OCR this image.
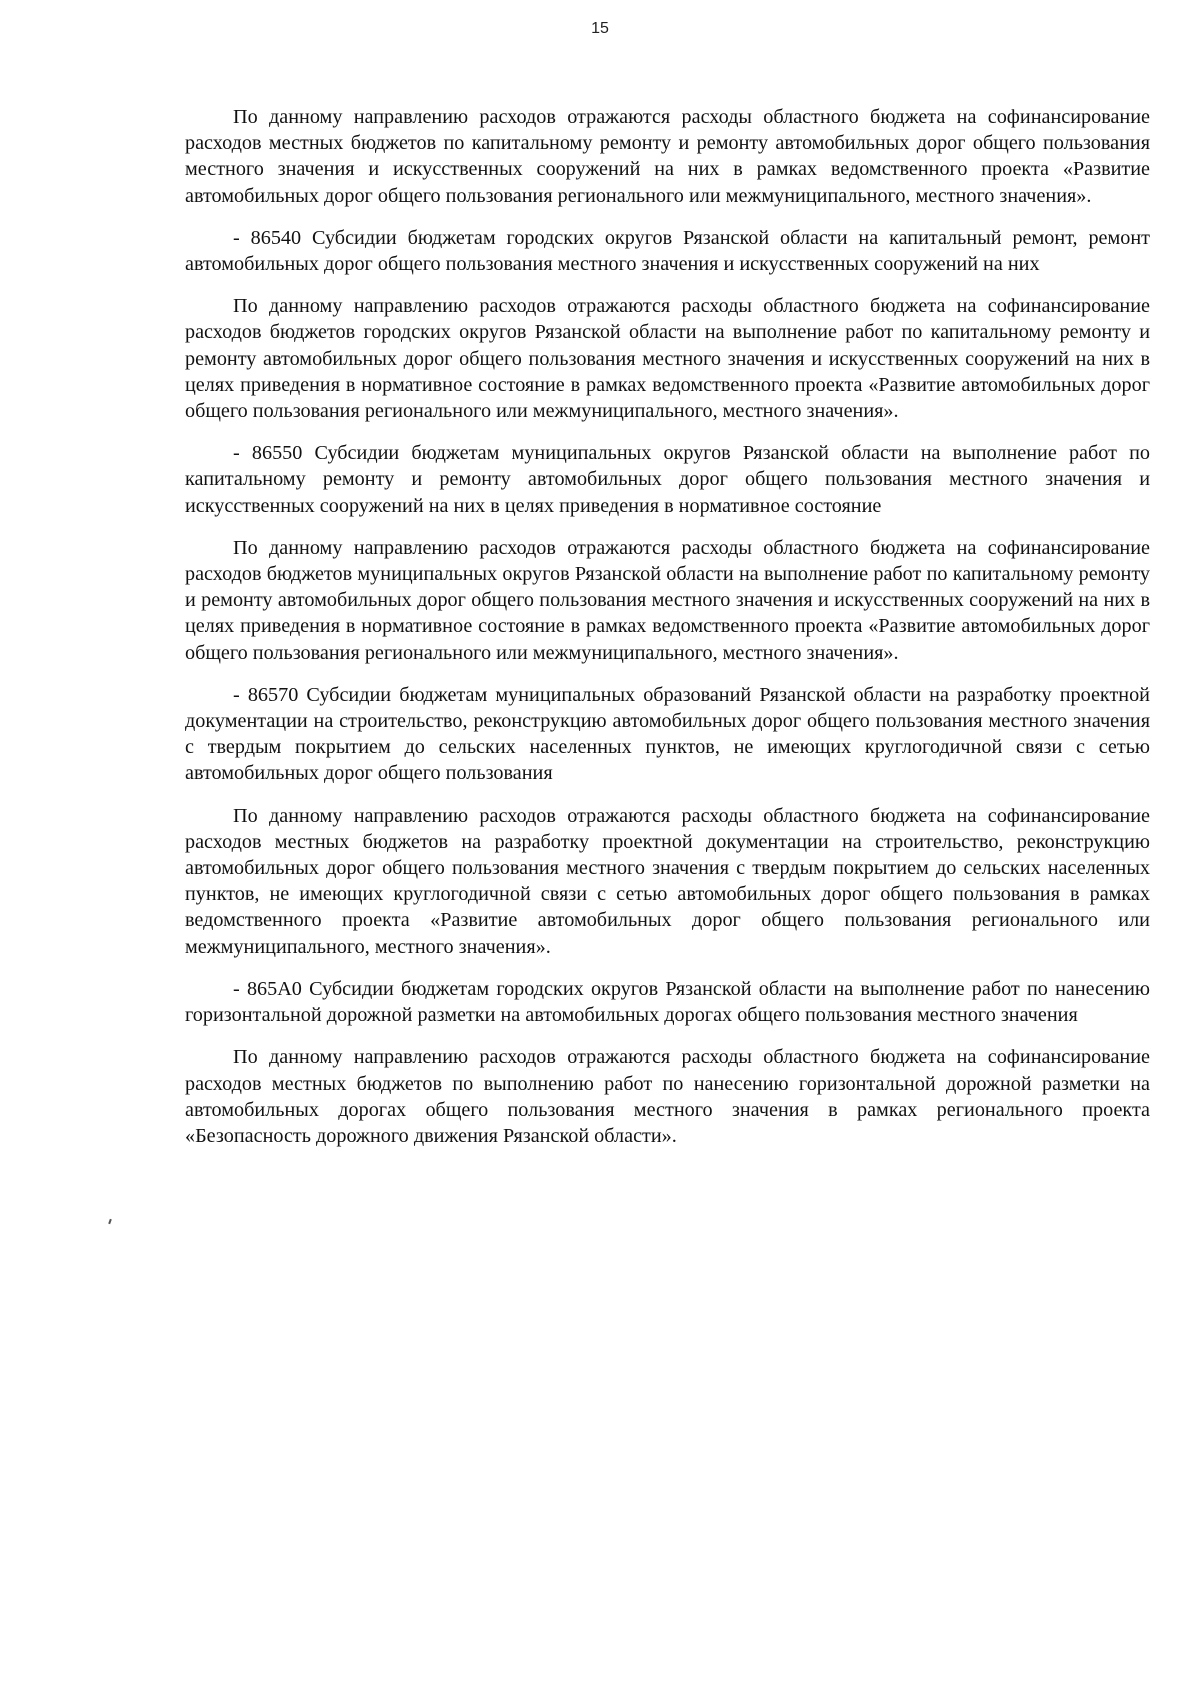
15

По данному направлению расходов отражаются расходы областного бюджета на софинансирование расходов местных бюджетов по капитальному ремонту и ремонту автомобильных дорог общего пользования местного значения и искусственных сооружений на них в рамках ведомственного проекта «Развитие автомобильных дорог общего пользования регионального или межмуниципального, местного значения».

- 86540 Субсидии бюджетам городских округов Рязанской области на капитальный ремонт, ремонт автомобильных дорог общего пользования местного значения и искусственных сооружений на них

По данному направлению расходов отражаются расходы областного бюджета на софинансирование расходов бюджетов городских округов Рязанской области на выполнение работ по капитальному ремонту и ремонту автомобильных дорог общего пользования местного значения и искусственных сооружений на них в целях приведения в нормативное состояние в рамках ведомственного проекта «Развитие автомобильных дорог общего пользования регионального или межмуниципального, местного значения».

- 86550 Субсидии бюджетам муниципальных округов Рязанской области на выполнение работ по капитальному ремонту и ремонту автомобильных дорог общего пользования местного значения и искусственных сооружений на них в целях приведения в нормативное состояние

По данному направлению расходов отражаются расходы областного бюджета на софинансирование расходов бюджетов муниципальных округов Рязанской области на выполнение работ по капитальному ремонту и ремонту автомобильных дорог общего пользования местного значения и искусственных сооружений на них в целях приведения в нормативное состояние в рамках ведомственного проекта «Развитие автомобильных дорог общего пользования регионального или межмуниципального, местного значения».

- 86570 Субсидии бюджетам муниципальных образований Рязанской области на разработку проектной документации на строительство, реконструкцию автомобильных дорог общего пользования местного значения с твердым покрытием до сельских населенных пунктов, не имеющих круглогодичной связи с сетью автомобильных дорог общего пользования

По данному направлению расходов отражаются расходы областного бюджета на софинансирование расходов местных бюджетов на разработку проектной документации на строительство, реконструкцию автомобильных дорог общего пользования местного значения с твердым покрытием до сельских населенных пунктов, не имеющих круглогодичной связи с сетью автомобильных дорог общего пользования в рамках ведомственного проекта «Развитие автомобильных дорог общего пользования регионального или межмуниципального, местного значения».

- 865А0 Субсидии бюджетам городских округов Рязанской области на выполнение работ по нанесению горизонтальной дорожной разметки на автомобильных дорогах общего пользования местного значения

По данному направлению расходов отражаются расходы областного бюджета на софинансирование расходов местных бюджетов по выполнению работ по нанесению горизонтальной дорожной разметки на автомобильных дорогах общего пользования местного значения в рамках регионального проекта «Безопасность дорожного движения Рязанской области».
